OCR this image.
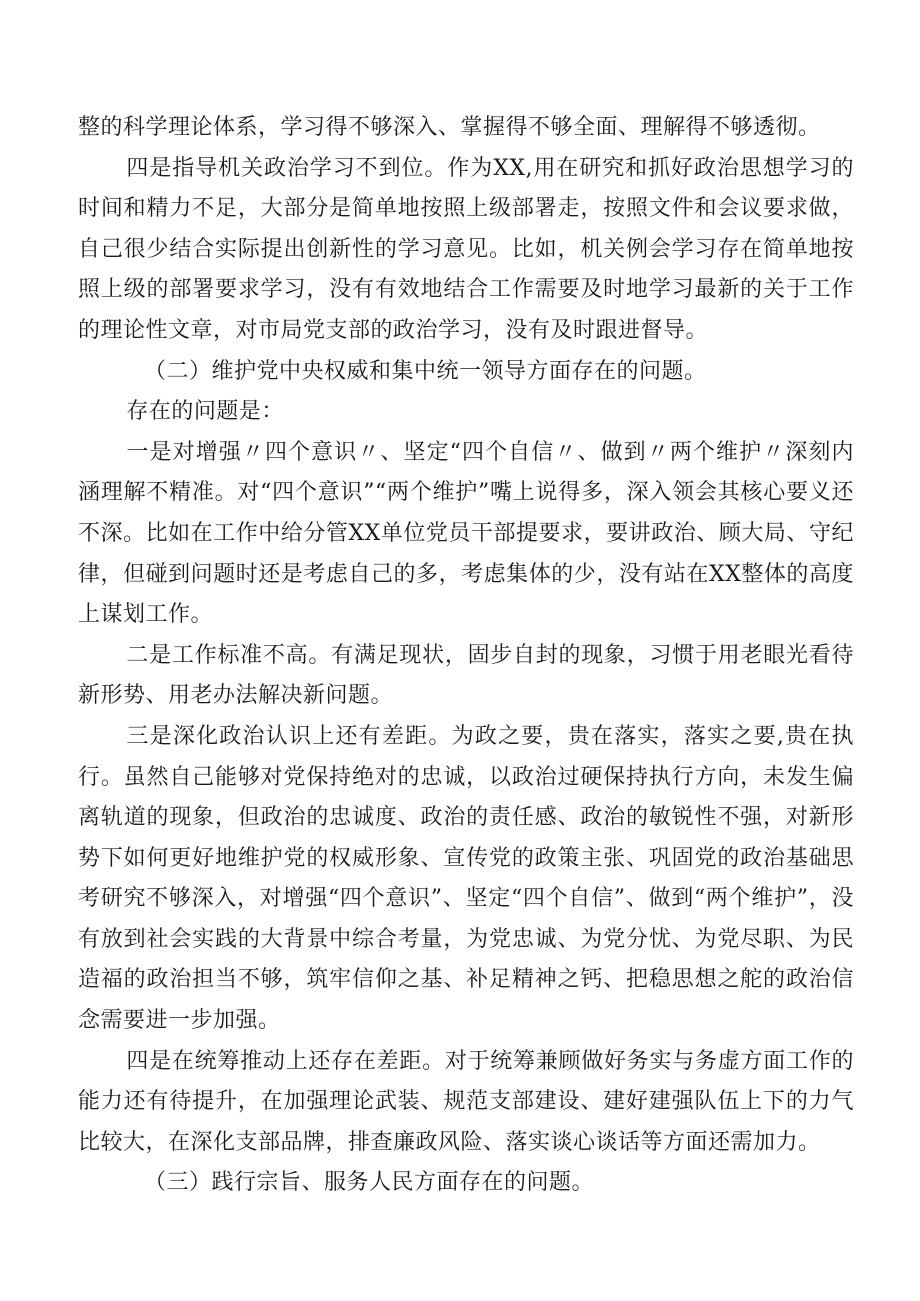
整的科学理论体系，学习得不够深入、掌握得不够全面、理解得不够透彻。

四是指导机关政治学习不到位。作为XX,用在研究和抓好政治思想学习的时间和精力不足，大部分是简单地按照上级部署走，按照文件和会议要求做，自己很少结合实际提出创新性的学习意见。比如，机关例会学习存在简单地按照上级的部署要求学习，没有有效地结合工作需要及时地学习最新的关于工作的理论性文章，对市局党支部的政治学习，没有及时跟进督导。

（二）维护党中央权威和集中统一领导方面存在的问题。

存在的问题是：

一是对增强〃四个意识〃、坚定“四个自信〃、做到〃两个维护〃深刻内涵理解不精准。对“四个意识”“两个维护”嘴上说得多，深入领会其核心要义还不深。比如在工作中给分管XX单位党员干部提要求，要讲政治、顾大局、守纪律，但碰到问题时还是考虑自己的多，考虑集体的少，没有站在XX整体的高度上谋划工作。

二是工作标准不高。有满足现状，固步自封的现象，习惯于用老眼光看待新形势、用老办法解决新问题。

三是深化政治认识上还有差距。为政之要，贵在落实，落实之要,贵在执行。虽然自己能够对党保持绝对的忠诚，以政治过硬保持执行方向，未发生偏离轨道的现象，但政治的忠诚度、政治的责任感、政治的敏锐性不强，对新形势下如何更好地维护党的权威形象、宣传党的政策主张、巩固党的政治基础思考研究不够深入，对增强“四个意识”、坚定“四个自信”、做到“两个维护”，没有放到社会实践的大背景中综合考量，为党忠诚、为党分忧、为党尽职、为民造福的政治担当不够，筑牢信仰之基、补足精神之钙、把稳思想之舵的政治信念需要进一步加强。

四是在统筹推动上还存在差距。对于统筹兼顾做好务实与务虚方面工作的能力还有待提升，在加强理论武装、规范支部建设、建好建强队伍上下的力气比较大，在深化支部品牌，排查廉政风险、落实谈心谈话等方面还需加力。

（三）践行宗旨、服务人民方面存在的问题。
